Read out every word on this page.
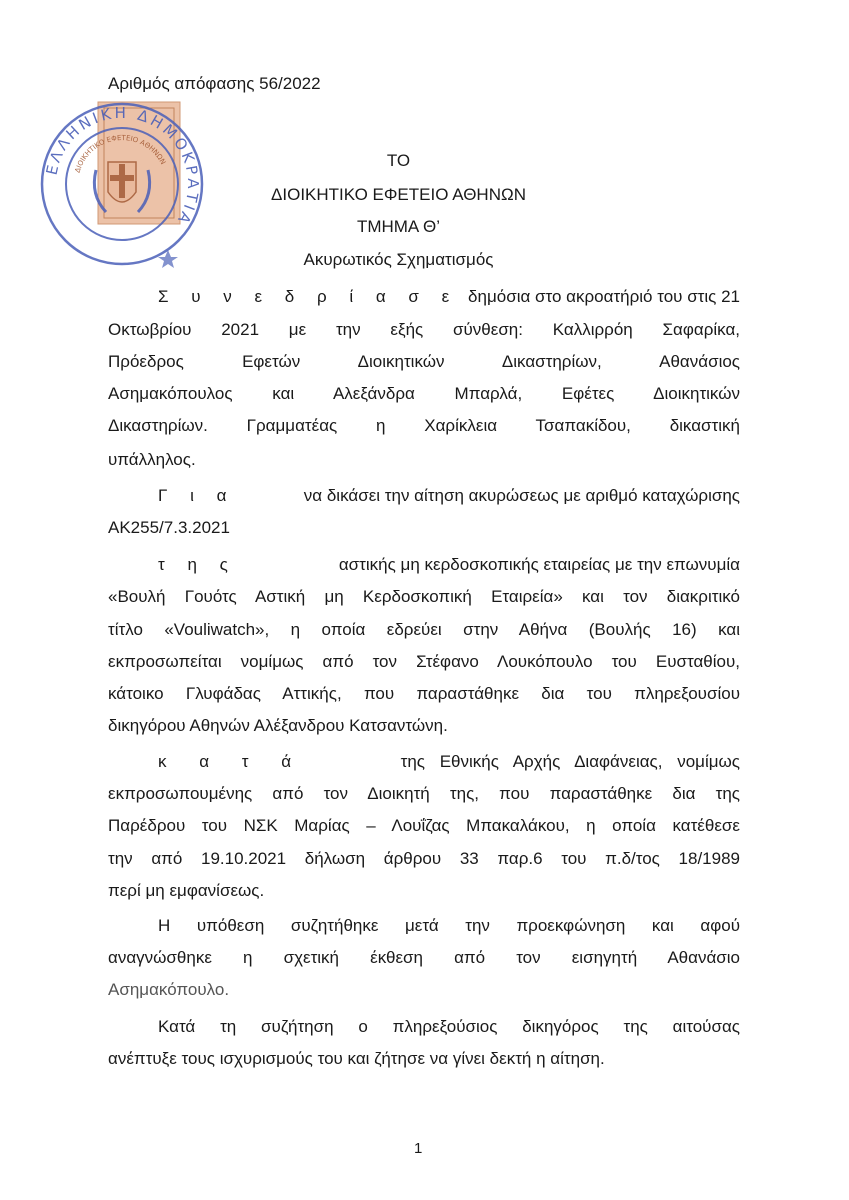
Αριθμός απόφασης 56/2022
ΔΙΟΙΚΗΤΙΚΟ ΕΦΕΤΕΙΟ ΑΘΗΝΩΝ
ΕΛΛΗΝΙΚΗ ΔΗΜΟΚΡΑΤΙΑ
ΤΟ
ΔΙΟΙΚΗΤΙΚΟ ΕΦΕΤΕΙΟ ΑΘΗΝΩΝ
ΤΜΗΜΑ Θ’
Ακυρωτικός Σχηματισμός
Σ υ ν ε δ ρ ί α σ ε δημόσια στο ακροατήριό του στις 21
Οκτωβρίου 2021 με την εξής σύνθεση: Καλλιρρόη Σαφαρίκα,
Πρόεδρος Εφετών Διοικητικών Δικαστηρίων, Αθανάσιος
Ασημακόπουλος και Αλεξάνδρα Μπαρλά, Εφέτες Διοικητικών
Δικαστηρίων. Γραμματέας η Χαρίκλεια Τσαπακίδου, δικαστική
υπάλληλος.
Γ ι α	να δικάσει την αίτηση ακυρώσεως με αριθμό καταχώρισης
ΑΚ255/7.3.2021
τ η ς	αστικής μη κερδοσκοπικής εταιρείας με την επωνυμία
«Βουλή Γουότς Αστική μη Κερδοσκοπική Εταιρεία» και τον διακριτικό
τίτλο «Vouliwatch», η οποία εδρεύει στην Αθήνα (Βουλής 16) και
εκπροσωπείται νομίμως από τον Στέφανο Λουκόπουλο του Ευσταθίου,
κάτοικο Γλυφάδας Αττικής, που παραστάθηκε δια του πληρεξουσίου
δικηγόρου Αθηνών Αλέξανδρου Κατσαντώνη.
κ α τ ά	της Εθνικής Αρχής Διαφάνειας, νομίμως
εκπροσωπουμένης από τον Διοικητή της, που παραστάθηκε δια της
Παρέδρου του ΝΣΚ Μαρίας – Λουΐζας Μπακαλάκου, η οποία κατέθεσε
την από 19.10.2021 δήλωση άρθρου 33 παρ.6 του π.δ/τος 18/1989
περί μη εμφανίσεως.
Η υπόθεση συζητήθηκε μετά την προεκφώνηση και αφού
αναγνώσθηκε η σχετική έκθεση από τον εισηγητή Αθανάσιο
Ασημακόπουλο.
Κατά τη συζήτηση ο πληρεξούσιος δικηγόρος της αιτούσας
ανέπτυξε τους ισχυρισμούς του και ζήτησε να γίνει δεκτή η αίτηση.
1
